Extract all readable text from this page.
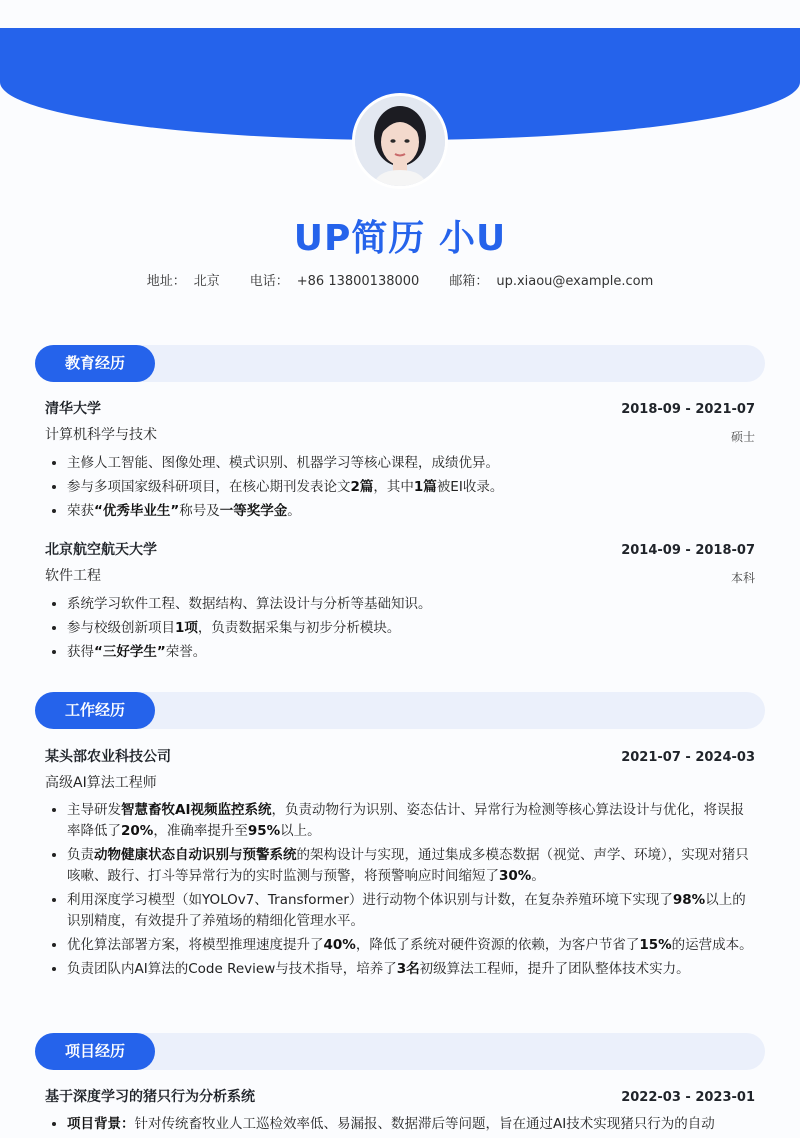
UP简历 小U
地址： 北京 电话： +86 13800138000 邮箱： up.xiaou@example.com
教育经历
清华大学	2018-09 - 2021-07
计算机科学与技术	硕士
• 主修人工智能、图像处理、模式识别、机器学习等核心课程，成绩优异。
• 参与多项国家级科研项目，在核心期刊发表论文2篇，其中1篇被EI收录。
• 荣获“优秀毕业生”称号及一等奖学金。
北京航空航天大学	2014-09 - 2018-07
软件工程	本科
• 系统学习软件工程、数据结构、算法设计与分析等基础知识。
• 参与校级创新项目1项，负责数据采集与初步分析模块。
• 获得“三好学生”荣誉。
工作经历
某头部农业科技公司	2021-07 - 2024-03
高级AI算法工程师
• 主导研发智慧畜牧AI视频监控系统，负责动物行为识别、姿态估计、异常行为检测等核心算法设计与优化，将误报率降低了20%，准确率提升至95%以上。
• 负责动物健康状态自动识别与预警系统的架构设计与实现，通过集成多模态数据（视觉、声学、环境），实现对猪只咳嗽、跛行、打斗等异常行为的实时监测与预警，将预警响应时间缩短了30%。
• 利用深度学习模型（如YOLOv7、Transformer）进行动物个体识别与计数，在复杂养殖环境下实现了98%以上的识别精度，有效提升了养殖场的精细化管理水平。
• 优化算法部署方案，将模型推理速度提升了40%，降低了系统对硬件资源的依赖，为客户节省了15%的运营成本。
• 负责团队内AI算法的Code Review与技术指导，培养了3名初级算法工程师，提升了团队整体技术实力。
项目经历
基于深度学习的猪只行为分析系统	2022-03 - 2023-01
• 项目背景：针对传统畜牧业人工巡检效率低、易漏报、数据滞后等问题，旨在通过AI技术实现猪只行为的自动
